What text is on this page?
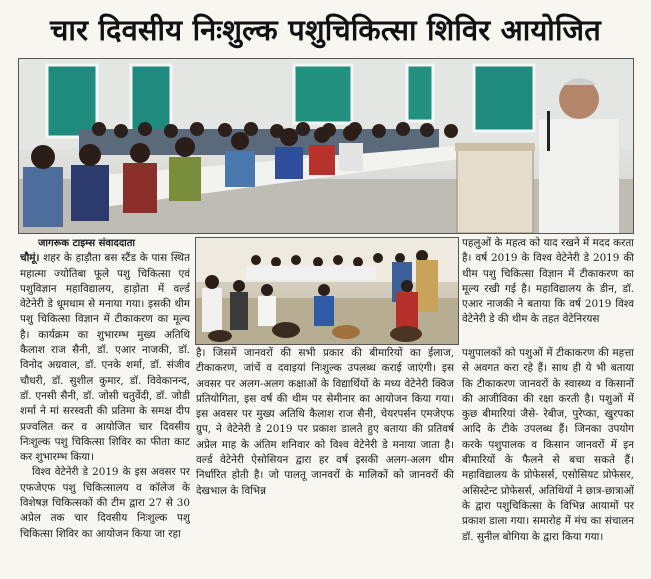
चार दिवसीय निःशुल्क पशुचिकित्सा शिविर आयोजित
जागरूक टाइम्स संवाददाता

चौमूं। शहर के हाड़ौता बस स्टैंड के पास स्थित महात्मा ज्योतिबा फूले पशु चिकित्सा एवं पशुविज्ञान महाविद्यालय, हाड़ोता में वर्ल्ड वेटेनेरी डे धूमधाम से मनाया गया। इसकी थीम पशु चिकित्सा विज्ञान में टीकाकरण का मूल्य है। कार्यक्रम का शुभारम्भ मुख्य अतिथि कैलाश राज सैनी, डॉ. एआर नाजकी, डॉ. विनोद अग्रवाल, डॉ. एनके शर्मा, डॉ. संजीव चौधरी, डॉ. सुशील कुमार, डॉ. विवेकानन्द, डॉ. एनसी सैनी, डॉ. जोसी चतुर्वेदी, डॉ. जोडी शर्मा ने मां सरस्वती की प्रतिमा के समक्ष दीप प्रज्वलित कर व आयोजित चार दिवसीय निःशुल्क पशु चिकित्सा शिविर का फीता काट कर शुभारम्भ किया।

विश्व वेटेनेरी डे 2019 के इस अवसर पर एफजेएफ पशु चिकित्सालय व कॉलेज के विशेषज्ञ चिकित्सकों की टीम द्वारा 27 से 30 अप्रेल तक चार दिवसीय निःशुल्क पशु चिकित्सा शिविर का आयोजन किया जा रहा

है। जिसमें जानवरों की सभी प्रकार की बीमारियों का ईलाज, टीकाकरण, जांचें व दवाइयां निःशुल्क उपलब्ध कराई जाएंगी। इस अवसर पर अलग-अलग कक्षाओं के विद्यार्थियों के मध्य वेटेनेरी क्विज प्रतियोगिता, इस वर्ष की थीम पर सेमीनार का आयोजन किया गया। इस अवसर पर मुख्य अतिथि कैलाश राज सैनी, चेयरपर्सन एमजेएफ ग्रुप, ने वेटेनेरी डे 2019 पर प्रकाश डालते हुए बताया की प्रतिवर्ष अप्रेल माह के अंतिम शनिवार को विश्व वेटेनेरी डे मनाया जाता है। वर्ल्ड वेटेनेरी ऐसोसियन द्वारा हर वर्ष इसकी अलग-अलग थीम निर्धारित होती है। जो पालतू जानवरों के मालिकों को जानवरों की देखभाल के विभिन्न

पहलुओं के महत्व को याद रखने में मदद करता है। वर्ष 2019 के विश्व वेटेनेरी डे 2019 की थीम पशु चिकित्सा विज्ञान में टीकाकरण का मूल्य रखी गई है। महाविद्यालय के डीन, डॉ. एआर नाजकी ने बताया कि वर्ष 2019 विश्व वेटेनेरी डे की थीम के तहत वेटेनिरयस

पशुपालकों को पशुओं में टीकाकरण की महत्ता से अवगत करा रहे हैं। साथ ही ये भी बताया कि टीकाकरण जानवरों के स्वास्थ्य व किसानों की आजीविका की रक्षा करती है। पशुओं में कुछ बीमारियां जैसे- रेबीज, पुरेप्का, खुरपका आदि के टीके उपलब्ध हैं। जिनका उपयोग करके पशुपालक व किसान जानवरों में इन बीमारियों के फैलने से बचा सकते हैं। महाविद्यालय के प्रोफेसर्स, एसोसियट प्रोफेसर, असिस्टेन्ट प्रोफेसर्स, अतिथियों ने छात्र-छात्राओं के द्वारा पशुचिकित्सा के विभिन्न आयामों पर प्रकाश डाला गया। समारोह में मंच का संचालन डॉ. सुनील बोगिया के द्वारा किया गया।
